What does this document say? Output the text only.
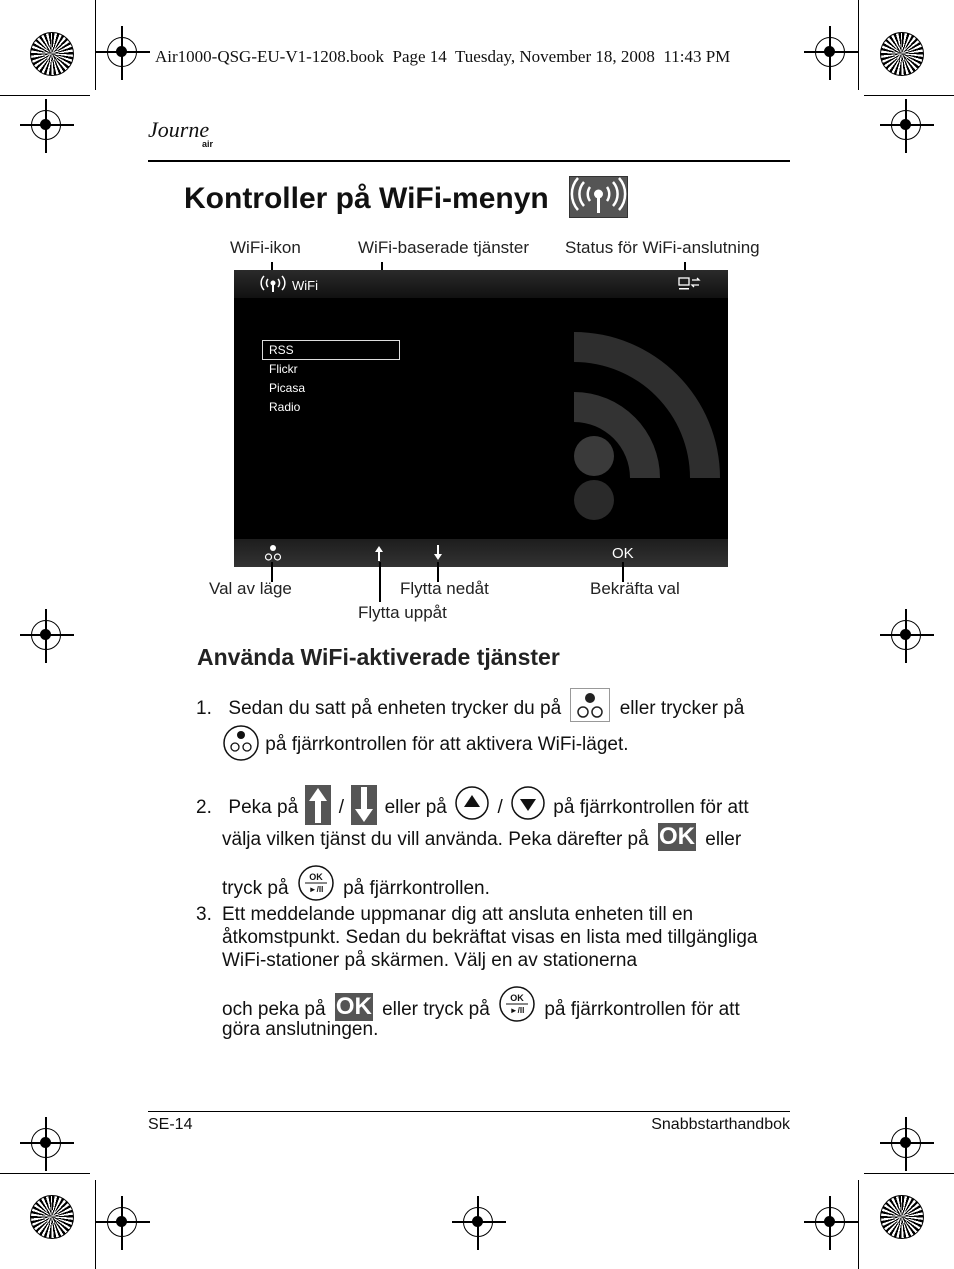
Air1000-QSG-EU-V1-1208.book  Page 14  Tuesday, November 18, 2008  11:43 PM
Journe
air
Kontroller på WiFi-menyn
WiFi-ikon	WiFi-baserade tjänster Status för WiFi-anslutning
WiFi
RSS
Flickr
Picasa
Radio
OK
Val av läge	Flytta nedåt	Bekräfta val
Flytta uppåt
Använda WiFi-aktiverade tjänster
1. Sedan du satt på enheten trycker du på	eller trycker på
på fjärrkontrollen för att aktivera WiFi-läget.
2. Peka på / eller på	/	på fjärrkontrollen för att
välja vilken tjänst du vill använda. Peka därefter på OK eller
tryck på
OK
►/II på fjärrkontrollen.
3. Ett meddelande uppmanar dig att ansluta enheten till en åtkomstpunkt. Sedan du bekräftat visas en lista med tillgängliga WiFi-stationer på skärmen. Välj en av stationerna
och peka på OK eller tryck på
OK
►/II på fjärrkontrollen för att
göra anslutningen.
SE-14	Snabbstarthandbok
